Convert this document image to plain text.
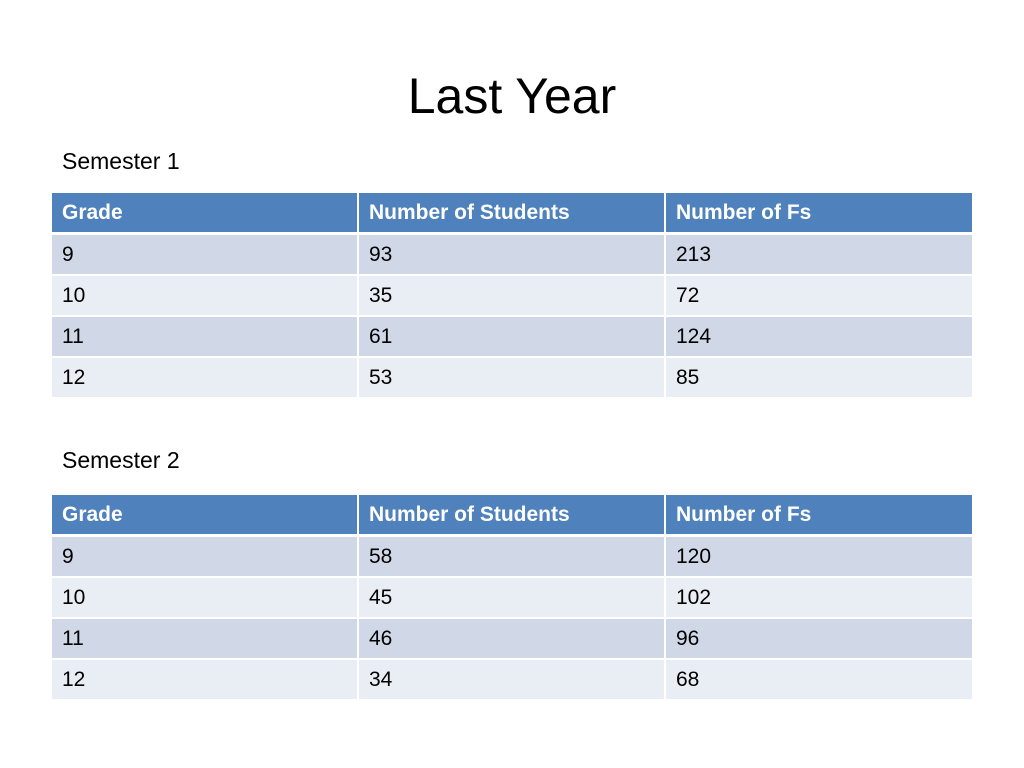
Last Year
Semester 1
Grade	Number of Students	Number of Fs
9	93	213
10	35	72
11	61	124
12	53	85
Semester 2
Grade	Number of Students	Number of Fs
9	58	120
10	45	102
11	46	96
12	34	68
